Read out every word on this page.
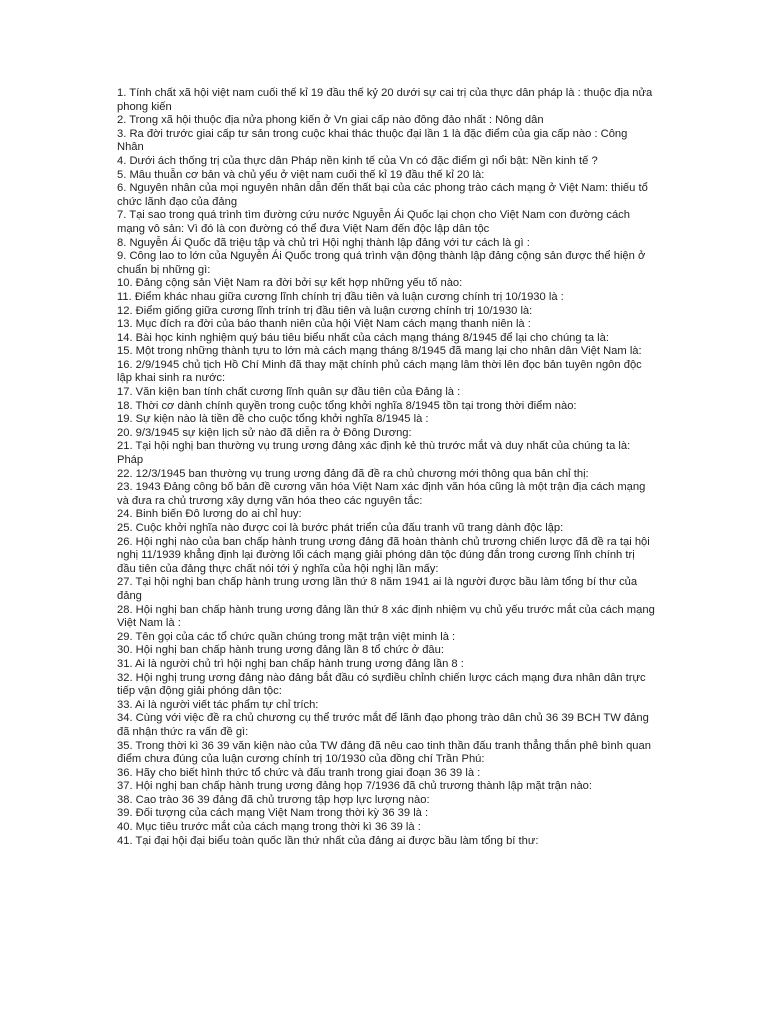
1. Tính chất xã hội việt nam cuối thế kỉ 19 đầu thế kỷ 20 dưới sự cai trị của thực dân pháp là : thuộc địa nửa phong kiến
2. Trong xã hội thuộc địa nửa phong kiến ở Vn giai cấp nào đông đảo nhất : Nông dân
3. Ra đời trước giai cấp tư sản trong cuộc khai thác thuộc đại lần 1 là đặc điểm của gia cấp nào : Công Nhân
4. Dưới ách thống trị của thực dân Pháp nền kinh tế của Vn có đặc điểm gì nổi bật: Nền kinh tế ?
5. Mâu thuẫn cơ bản và chủ yếu ở việt nam cuối thế kỉ 19 đầu thế kỉ 20 là:
6. Nguyên nhân của mọi nguyên nhân dẫn đến thất bại của các phong trào cách mạng ở Việt Nam: thiếu tổ chức lãnh đạo của đảng
7. Tại sao trong quá trình tìm đường cứu nước Nguyễn Ái Quốc lại chọn cho Việt Nam con đường cách mạng vô sản: Vì đó là con đường có thể đưa Việt Nam đến độc lập dân tộc
8. Nguyễn Ái Quốc đã triệu tập và chủ trì Hội nghị thành lập đảng với tư cách là gì :
9. Công lao to lớn của Nguyễn Ái Quốc trong quá trình vận động thành lập đảng cộng sản được thể hiện ở chuẩn bị những gì:
10. Đảng cộng sản Việt Nam ra đời bởi sự kết hợp những yếu tố nào:
11. Điểm khác nhau giữa cương lĩnh chính trị đầu tiên và luận cương chính trị 10/1930 là :
12. Điểm giống giữa cương lĩnh trính trị đầu tiên và luận cương chính trị 10/1930 là:
13. Mục đích ra đời của báo thanh niên của hội Việt Nam cách mạng thanh niên là :
14. Bài học kinh nghiệm quý báu tiêu biểu nhất của cách mạng tháng 8/1945 để lại cho chúng ta là:
15. Một trong những thành tựu to lớn mà cách mạng tháng 8/1945 đã mang lại cho nhân dân Việt Nam là:
16. 2/9/1945 chủ tịch Hồ Chí Minh đã thay mặt chính phủ cách mạng lâm thời lên đọc bản tuyên ngôn độc lập khai sinh ra nước:
17. Văn kiện ban tính chất cương lĩnh quân sự đầu tiên của Đảng là :
18. Thời cơ dành chính quyền trong cuộc tổng khởi nghĩa 8/1945 tồn tại trong thời điểm nào:
19. Sự kiện nào là tiền đề cho cuộc tổng khởi nghĩa 8/1945 là :
20. 9/3/1945 sự kiện lịch sử nào đã diễn ra ở Đông Dương:
21. Tại hội nghị ban thường vụ trung ương đảng xác định kẻ thù trước mắt và duy nhất của chúng ta là: Pháp
22. 12/3/1945 ban thường vụ trung ương đảng đã đề ra chủ chương mới thông qua bản chỉ thị:
23. 1943 Đảng công bố bản đề cương văn hóa Việt Nam xác định văn hóa cũng là một trận địa cách mạng và đưa ra chủ trương xây dựng văn hóa theo các nguyên tắc:
24. Binh biến Đô lương do ai chỉ huy:
25. Cuộc khởi nghĩa nào được coi là bước phát triển của đấu tranh vũ trang dành độc lập:
26. Hội nghị nào của ban chấp hành trung ương đảng đã hoàn thành chủ trương chiến lược đã đề ra tại hội nghị 11/1939 khẳng định lại đường lối cách mạng giải phóng dân tộc đúng đắn trong cương lĩnh chính trị đầu tiên của đảng thực chất nói tới ý nghĩa của hội nghị lần mấy:
27. Tại hội nghị ban chấp hành trung ương lần thứ 8 năm 1941 ai là người được bầu làm tổng bí thư của đảng
28. Hội nghị ban chấp hành trung ương đảng lần thứ 8 xác định nhiệm vụ chủ yếu trước mắt của cách mạng Việt Nam là :
29. Tên gọi của các tổ chức quần chúng trong mặt trận việt minh là :
30. Hội nghị ban chấp hành trung ương đảng lần 8 tổ chức ở đâu:
31. Ai là người chủ trì hội nghị ban chấp hành trung ương đảng lần 8 :
32. Hội nghị trung ương đảng nào đảng bắt đầu có sựđiều chỉnh chiến lược cách mạng đưa nhân dân trực tiếp vận động giải phóng dân tộc:
33. Ai là người viết tác phẩm tự chỉ trích:
34. Cùng với việc đề ra chủ chương cụ thể trước mắt để lãnh đạo phong trào dân chủ 36 39 BCH TW đảng đã nhận thức ra vấn đề gì:
35. Trong thời kì 36 39 văn kiện nào của TW đảng đã nêu cao tinh thần đấu tranh thẳng thắn phê bình quan điểm chưa đúng của luận cương chính trị 10/1930 của đồng chí Trần Phú:
36. Hãy cho biết hình thức tổ chức và đấu tranh trong giai đoạn 36 39 là :
37. Hội nghị ban chấp hành trung ương đảng họp 7/1936 đã chủ trương thành lập mặt trận nào:
38. Cao trào 36 39 đảng đã chủ trương tập hợp lực lượng nào:
39. Đối tượng của cách mạng Việt Nam trong thời kỳ 36 39 là :
40. Mục tiêu trước mắt của cách mạng trong thời kì 36 39 là :
41. Tại đại hội đại biểu toàn quốc lần thứ nhất của đảng ai được bầu làm tổng bí thư:
